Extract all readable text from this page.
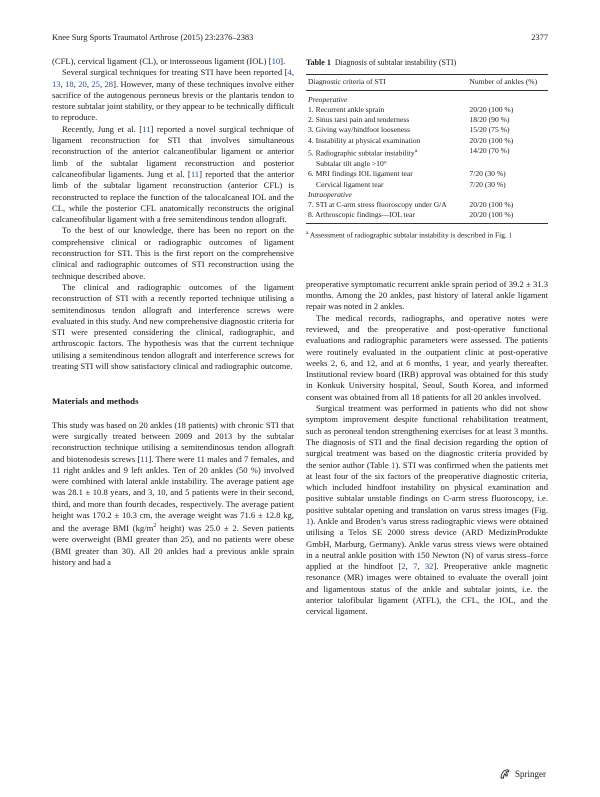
Knee Surg Sports Traumatol Arthrose (2015) 23:2376–2383	2377

(CFL), cervical ligament (CL), or interosseous ligament (IOL) [10].

Several surgical techniques for treating STI have been reported [4, 13, 18, 20, 25, 28]. However, many of these techniques involve either sacrifice of the autogenous peroneus brevis or the plantaris tendon to restore subtalar joint stability, or they appear to be technically difficult to reproduce.

Recently, Jung et al. [11] reported a novel surgical technique of ligament reconstruction for STI that involves simultaneous reconstruction of the anterior calcaneofibular ligament or anterior limb of the subtalar ligament reconstruction and posterior calcaneofibular ligaments. Jung et al. [11] reported that the anterior limb of the subtalar ligament reconstruction (anterior CFL) is reconstructed to replace the function of the talocalcaneal IOL and the CL, while the posterior CFL anatomically reconstructs the original calcaneofibular ligament with a free semitendinous tendon allograft.

To the best of our knowledge, there has been no report on the comprehensive clinical or radiographic outcomes of ligament reconstruction for STI. This is the first report on the comprehensive clinical and radiographic outcomes of STI reconstruction using the technique described above.

The clinical and radiographic outcomes of the ligament reconstruction of STI with a recently reported technique utilising a semitendinosus tendon allograft and interference screws were evaluated in this study. And new comprehensive diagnostic criteria for STI were presented considering the clinical, radiographic, and arthroscopic factors. The hypothesis was that the current technique utilising a semitendinous tendon allograft and interference screws for treating STI will show satisfactory clinical and radiographic outcome.

Materials and methods

This study was based on 20 ankles (18 patients) with chronic STI that were surgically treated between 2009 and 2013 by the subtalar reconstruction technique utilising a semitendinosus tendon allograft and biotenodesis screws [11]. There were 11 males and 7 females, and 11 right ankles and 9 left ankles. Ten of 20 ankles (50 %) involved were combined with lateral ankle instability. The average patient age was 28.1 ± 10.8 years, and 3, 10, and 5 patients were in their second, third, and more than fourth decades, respectively. The average patient height was 170.2 ± 10.3 cm, the average weight was 71.6 ± 12.8 kg, and the average BMI ($kg/m^2$ height) was 25.0 ± 2. Seven patients were overweight (BMI greater than 25), and no patients were obese (BMI greater than 30). All 20 ankles had a previous ankle sprain history and had a

Table 1 Diagnosis of subtalar instability (STI)
Diagnostic criteria of STI	Number of ankles (%)
Preoperative	
1. Recurrent ankle sprain	20/20 (100 %)
2. Sinus tarsi pain and tenderness	18/20 (90 %)
3. Giving way/hindfoot looseness	15/20 (75 %)
4. Instability at physical examination	20/20 (100 %)
5. Radiographic subtalar instability$^a$	14/20 (70 %)
Subtalar tilt angle >10°	
6. MRI findings IOL ligament tear	7/20 (30 %)
Cervical ligament tear	7/20 (30 %)
Intraoperative	
7. STI at C-arm stress fluoroscopy under G/A	20/20 (100 %)
8. Arthroscopic findings—IOL tear	20/20 (100 %)
$^a$ Assessment of radiographic subtalar instability is described in Fig. 1

preoperative symptomatic recurrent ankle sprain period of 39.2 ± 31.3 months. Among the 20 ankles, past history of lateral ankle ligament repair was noted in 2 ankles.

The medical records, radiographs, and operative notes were reviewed, and the preoperative and post-operative functional evaluations and radiographic parameters were assessed. The patients were routinely evaluated in the outpatient clinic at post-operative weeks 2, 6, and 12, and at 6 months, 1 year, and yearly thereafter. Institutional review board (IRB) approval was obtained for this study in Konkuk University hospital, Seoul, South Korea, and informed consent was obtained from all 18 patients for all 20 ankles involved.

Surgical treatment was performed in patients who did not show symptom improvement despite functional rehabilitation treatment, such as peroneal tendon strengthening exercises for at least 3 months. The diagnosis of STI and the final decision regarding the option of surgical treatment was based on the diagnostic criteria provided by the senior author (Table 1). STI was confirmed when the patients met at least four of the six factors of the preoperative diagnostic criteria, which included hindfoot instability on physical examination and positive subtalar unstable findings on C-arm stress fluoroscopy, i.e. positive subtalar opening and translation on varus stress images (Fig. 1). Ankle and Broden’s varus stress radiographic views were obtained utilising a Telos SE 2000 stress device (ARD MedizinProdukte GmbH, Marburg, Germany). Ankle varus stress views were obtained in a neutral ankle position with 150 Newton (N) of varus stress–force applied at the hindfoot [2, 7, 32]. Preoperative ankle magnetic resonance (MR) images were obtained to evaluate the overall joint and ligamentous status of the ankle and subtalar joints, i.e. the anterior talofibular ligament (ATFL), the CFL, the IOL, and the cervical ligament.

Springer
